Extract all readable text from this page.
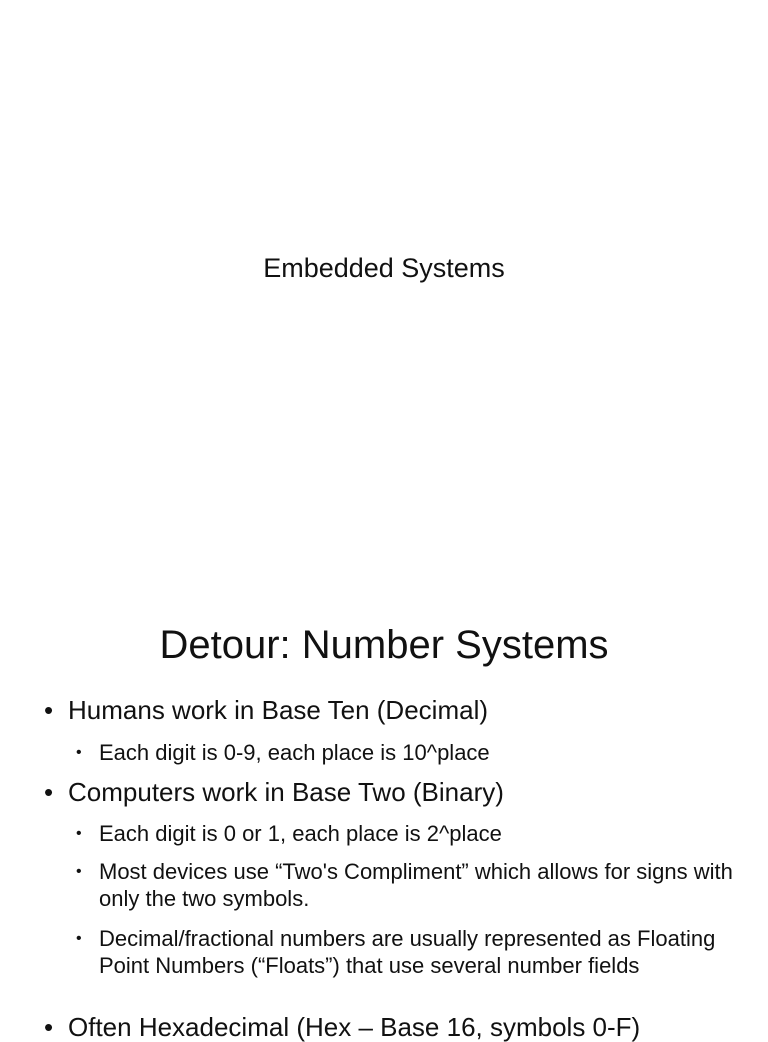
Embedded Systems
Detour: Number Systems
• Humans work in Base Ten (Decimal)
• Each digit is 0-9, each place is 10^place
• Computers work in Base Two (Binary)
• Each digit is 0 or 1, each place is 2^place
• Most devices use “Two's Compliment” which allows for signs with only the two symbols.
• Decimal/fractional numbers are usually represented as Floating Point Numbers (“Floats”) that use several number fields
• Often Hexadecimal (Hex – Base 16, symbols 0-F)
